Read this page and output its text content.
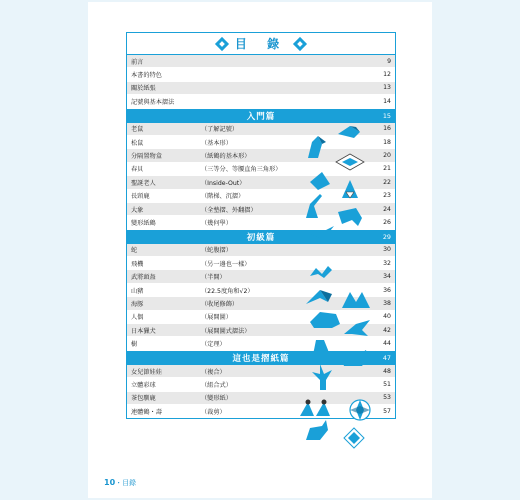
目 錄
前言	9
本書的特色	12
關於紙張	13
記號與基本摺法	14
入門篇	15
老鼠	（了解記號）	16
松鼠	（基本形）	18
分隔置物盒	（紙鶴的基本形）	20
春貝	（三等分、等腰直角三角形）	21
聖誕老人	（Inside-Out）	22
長頸鹿	（階梯、沉摺）	23
大象	（全墊摺、外翻摺）	24
變形紙鶴	（幾何學）	26
初級篇	29
蛇	（蛇腹摺）	30
飛機	（另一邊也一樣）	32
武將頭盔	（半開）	34
山豬	（22.5度角和√2）	36
海豚	（收尾修飾）	38
人偶	（展開圖）	40
日本獵犬	（展開圖式摺法）	42
樹	（定理）	44
這也是摺紙篇	47
女兒節娃娃	（複合）	48
立體彩球	（組合式）	51
茶包馴鹿	（變形紙）	53
連體鶴・壽	（裁剪）	57
10・目錄
